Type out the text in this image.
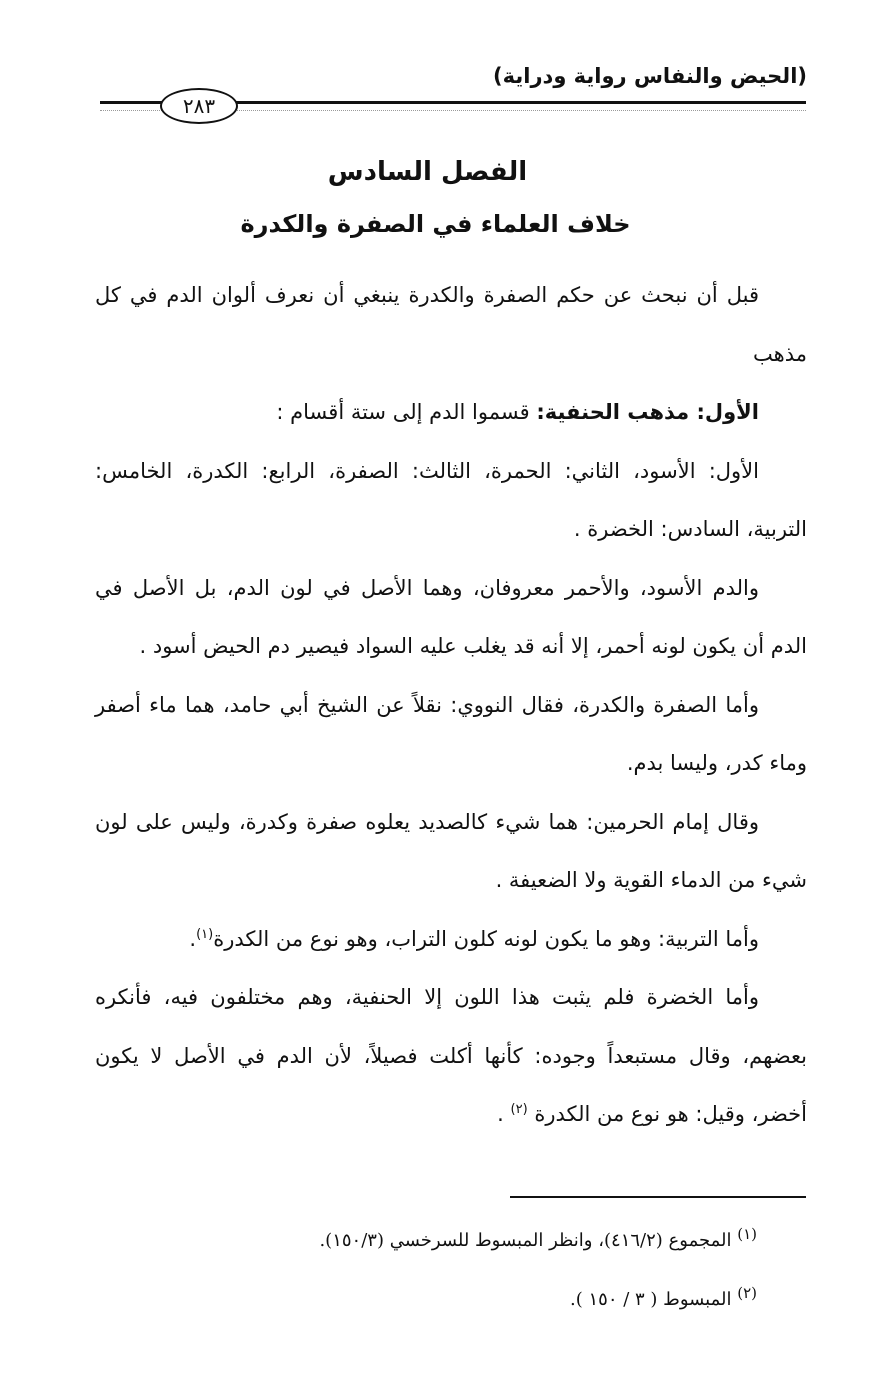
(الحيض والنفاس رواية ودراية)
٢٨٣
الفصل السادس
خلاف العلماء في الصفرة والكدرة

قبل أن نبحث عن حكم الصفرة والكدرة ينبغي أن نعرف ألوان الدم في كل مذهب

الأول: مذهب الحنفية: قسموا الدم إلى ستة أقسام :

الأول: الأسود، الثاني: الحمرة، الثالث: الصفرة، الرابع: الكدرة، الخامس: التربية، السادس: الخضرة .

والدم الأسود، والأحمر معروفان، وهما الأصل في لون الدم، بل الأصل في الدم أن يكون لونه أحمر، إلا أنه قد يغلب عليه السواد فيصير دم الحيض أسود .

وأما الصفرة والكدرة، فقال النووي: نقلاً عن الشيخ أبي حامد، هما ماء أصفر وماء كدر، وليسا بدم.

وقال إمام الحرمين: هما شيء كالصديد يعلوه صفرة وكدرة، وليس على لون شيء من الدماء القوية ولا الضعيفة .

وأما التربية: وهو ما يكون لونه كلون التراب، وهو نوع من الكدرة$^{(١)}$.

وأما الخضرة فلم يثبت هذا اللون إلا الحنفية، وهم مختلفون فيه، فأنكره بعضهم، وقال مستبعداً وجوده: كأنها أكلت فصيلاً، لأن الدم في الأصل لا يكون أخضر، وقيل: هو نوع من الكدرة $^{(٢)}$ .

$^{(١)}$ المجموع (٤١٦/٢)، وانظر المبسوط للسرخسي (١٥٠/٣).

$^{(٢)}$ المبسوط ( ٣ / ١٥٠ ).
